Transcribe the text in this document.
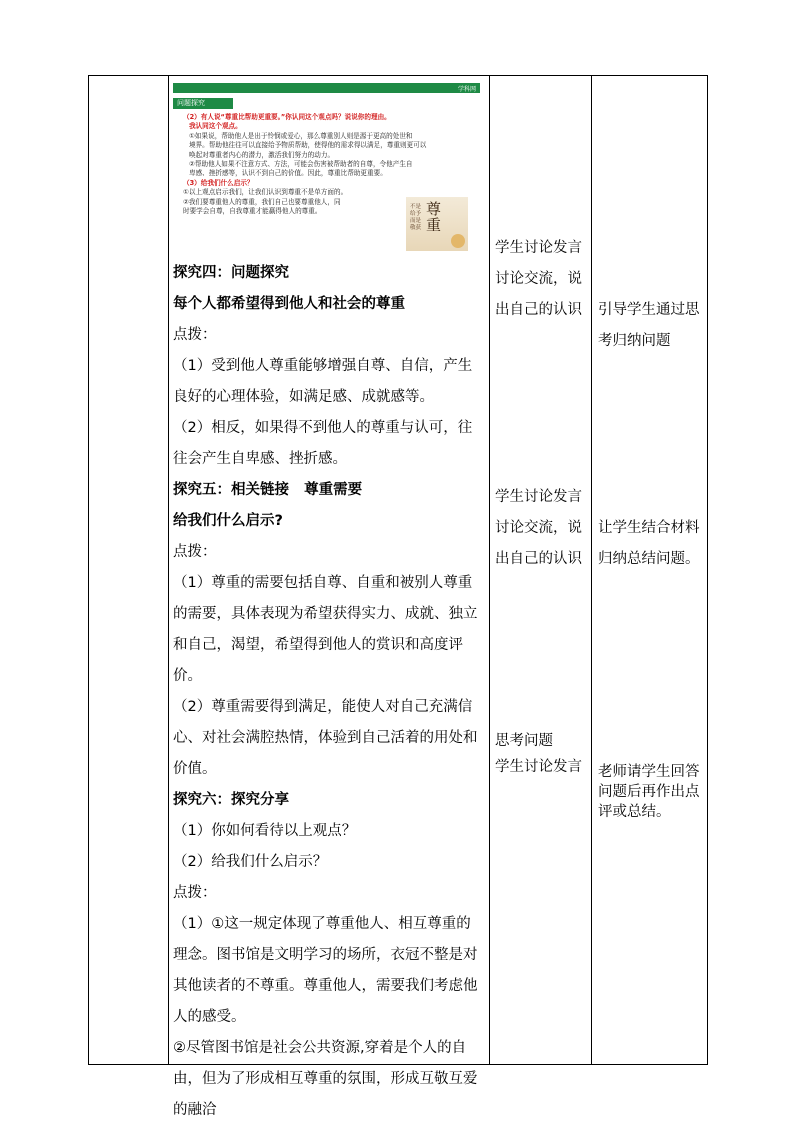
学科网
问题探究
（2）有人说“尊重比帮助更重要。”你认同这个观点吗？说说你的理由。
我认同这个观点。
①如果说，帮助他人是出于怜悯或爱心，那么尊重别人则是源于更高的处世和
境界。帮助他往往可以直接给予物质帮助，使得他的需求得以满足，尊重则更可以
唤起对尊重者内心的潜力，激活我们努力的动力。
②帮助他人如果不注意方式、方法，可能会伤害被帮助者的自尊，令他产生自
卑感、挫折感等，认识不到自己的价值。因此，尊重比帮助更重要。
（3）给我们什么启示？
①以上观点启示我们，让我们认识到尊重不是单方面的。
②我们要尊重他人的尊重，我们自己也要尊重他人，同
时要学会自尊，自我尊重才能赢得他人的尊重。
不是给予而是敬获
尊重

探究四：问题探究

每个人都希望得到他人和社会的尊重

点拨：

（1）受到他人尊重能够增强自尊、自信，产生良好的心理体验，如满足感、成就感等。

（2）相反，如果得不到他人的尊重与认可，往往会产生自卑感、挫折感。

探究五：相关链接   尊重需要

给我们什么启示?

点拨：

（1）尊重的需要包括自尊、自重和被别人尊重的需要，具体表现为希望获得实力、成就、独立和自己，渴望，希望得到他人的赏识和高度评价。

（2）尊重需要得到满足，能使人对自己充满信心、对社会满腔热情，体验到自己活着的用处和价值。

探究六：探究分享

（1）你如何看待以上观点？

（2）给我们什么启示？

点拨：

（1）①这一规定体现了尊重他人、相互尊重的理念。图书馆是文明学习的场所，衣冠不整是对其他读者的不尊重。尊重他人，需要我们考虑他人的感受。

②尽管图书馆是社会公共资源,穿着是个人的自由，但为了形成相互尊重的氛围，形成互敬互爱的融洽

学生讨论发言讨论交流，说出自己的认识

学生讨论发言讨论交流，说出自己的认识

思考问题

学生讨论发言

引导学生通过思考归纳问题

让学生结合材料归纳总结问题。

老师请学生回答问题后再作出点评或总结。
